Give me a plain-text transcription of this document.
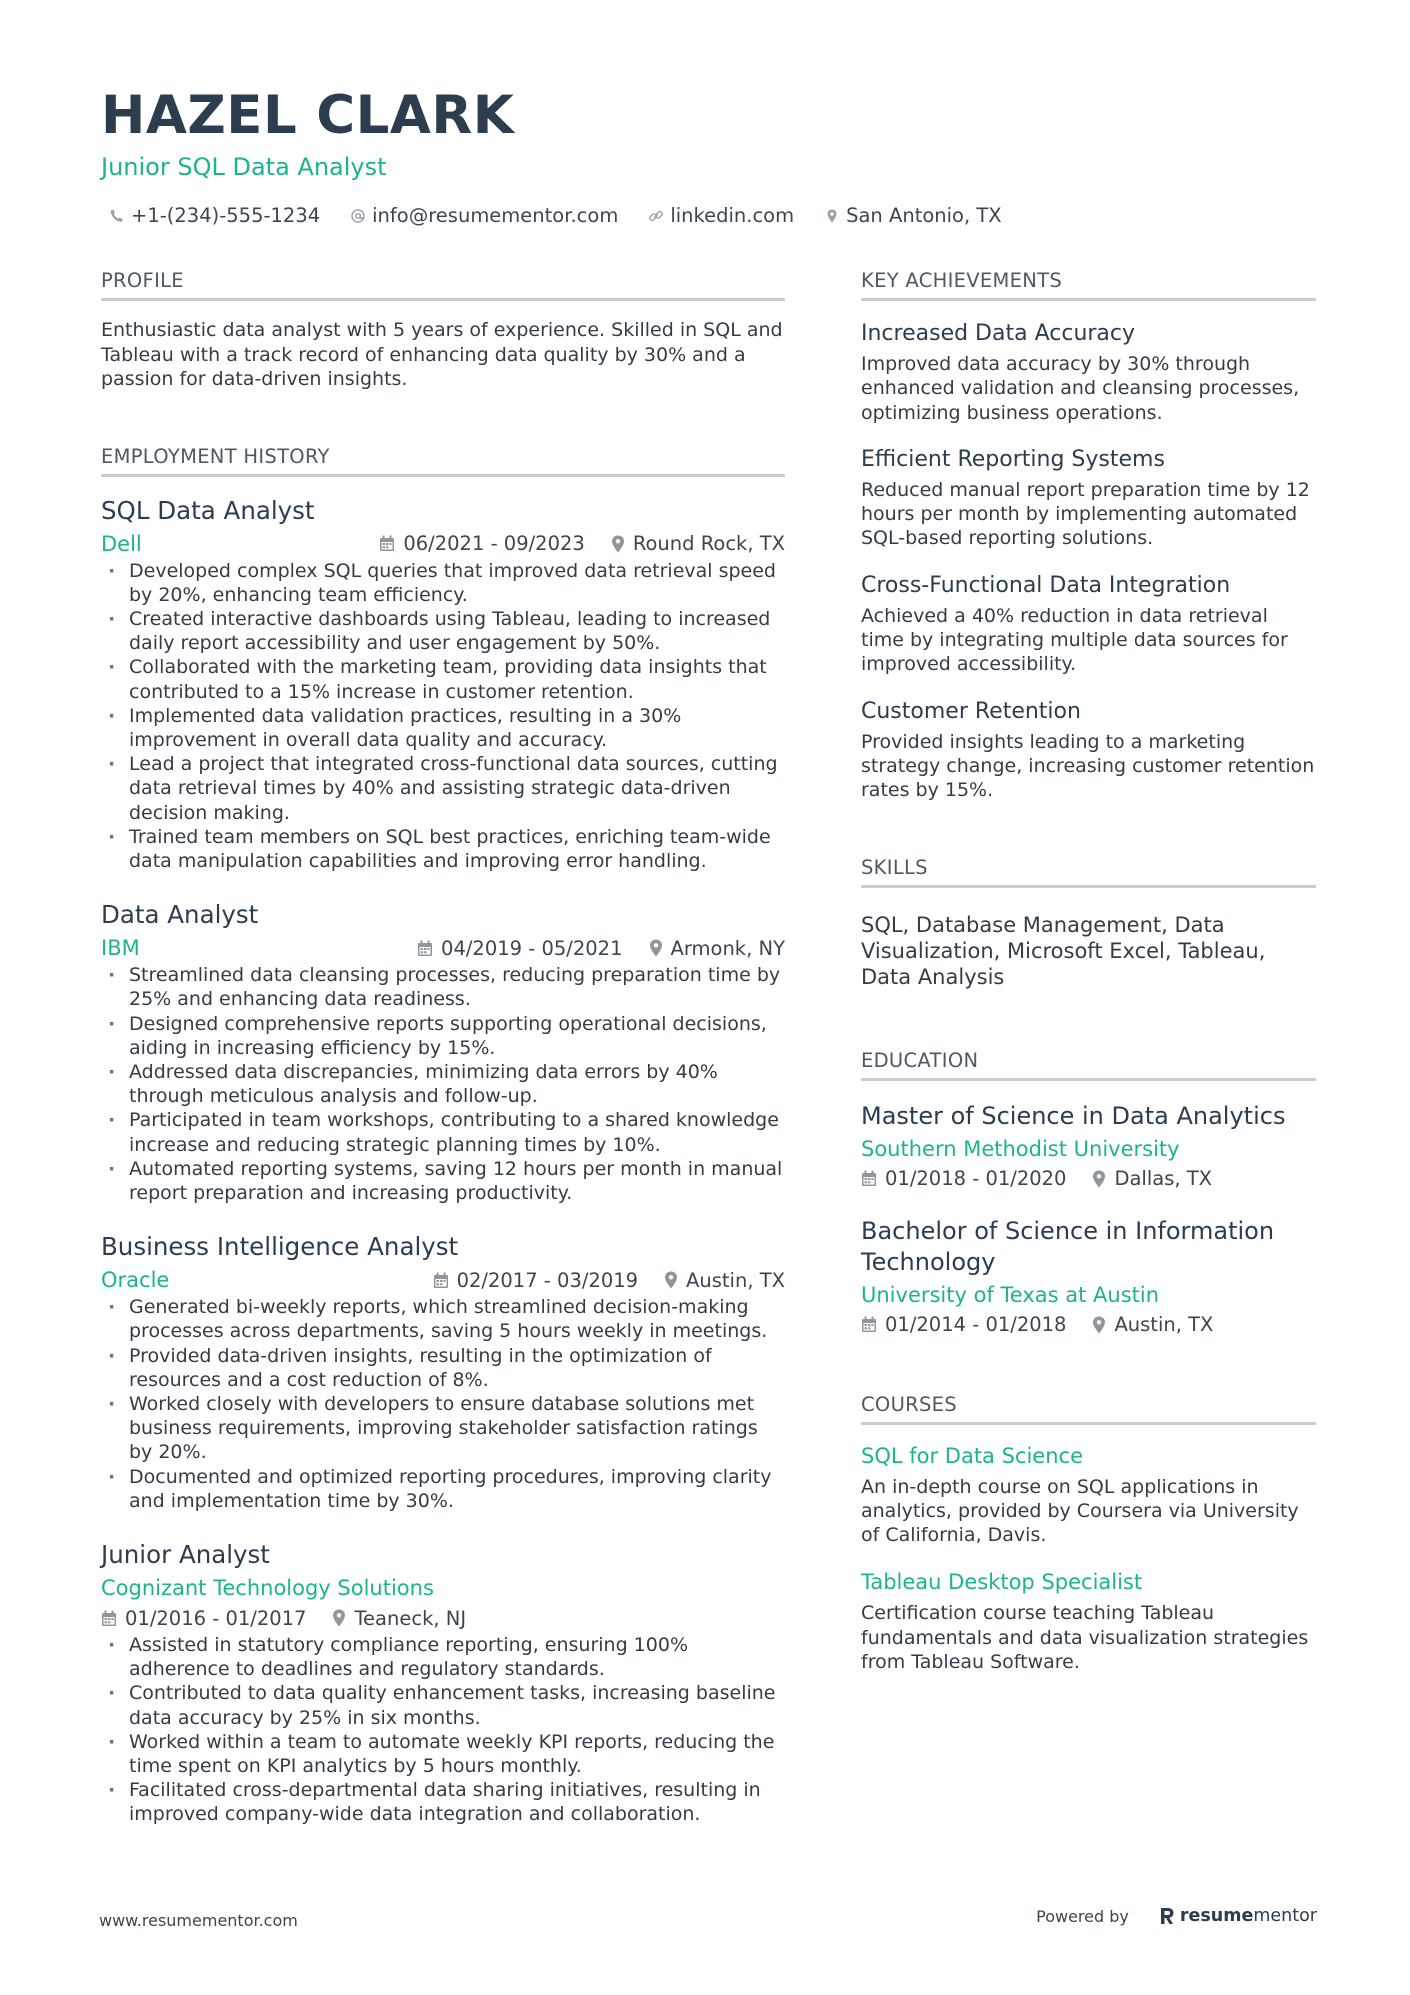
HAZEL CLARK
Junior SQL Data Analyst
+1-(234)-555-1234	info@resumementor.com	linkedin.com	San Antonio, TX
PROFILE
Enthusiastic data analyst with 5 years of experience. Skilled in SQL and Tableau with a track record of enhancing data quality by 30% and a passion for data-driven insights.
EMPLOYMENT HISTORY
SQL Data Analyst
Dell	06/2021 - 09/2023 Round Rock, TX
· Developed complex SQL queries that improved data retrieval speed by 20%, enhancing team efficiency.
· Created interactive dashboards using Tableau, leading to increased daily report accessibility and user engagement by 50%.
· Collaborated with the marketing team, providing data insights that contributed to a 15% increase in customer retention.
· Implemented data validation practices, resulting in a 30% improvement in overall data quality and accuracy.
· Lead a project that integrated cross-functional data sources, cutting data retrieval times by 40% and assisting strategic data-driven decision making.
· Trained team members on SQL best practices, enriching team-wide data manipulation capabilities and improving error handling.
Data Analyst
IBM	04/2019 - 05/2021 Armonk, NY
· Streamlined data cleansing processes, reducing preparation time by 25% and enhancing data readiness.
· Designed comprehensive reports supporting operational decisions, aiding in increasing efficiency by 15%.
· Addressed data discrepancies, minimizing data errors by 40% through meticulous analysis and follow-up.
· Participated in team workshops, contributing to a shared knowledge increase and reducing strategic planning times by 10%.
· Automated reporting systems, saving 12 hours per month in manual report preparation and increasing productivity.
Business Intelligence Analyst
Oracle	02/2017 - 03/2019 Austin, TX
· Generated bi-weekly reports, which streamlined decision-making processes across departments, saving 5 hours weekly in meetings.
· Provided data-driven insights, resulting in the optimization of resources and a cost reduction of 8%.
· Worked closely with developers to ensure database solutions met business requirements, improving stakeholder satisfaction ratings by 20%.
· Documented and optimized reporting procedures, improving clarity and implementation time by 30%.
Junior Analyst
Cognizant Technology Solutions
01/2016 - 01/2017 Teaneck, NJ
· Assisted in statutory compliance reporting, ensuring 100% adherence to deadlines and regulatory standards.
· Contributed to data quality enhancement tasks, increasing baseline data accuracy by 25% in six months.
· Worked within a team to automate weekly KPI reports, reducing the time spent on KPI analytics by 5 hours monthly.
· Facilitated cross-departmental data sharing initiatives, resulting in improved company-wide data integration and collaboration.
KEY ACHIEVEMENTS
Increased Data Accuracy
Improved data accuracy by 30% through enhanced validation and cleansing processes, optimizing business operations.
Efficient Reporting Systems
Reduced manual report preparation time by 12 hours per month by implementing automated SQL-based reporting solutions.
Cross-Functional Data Integration
Achieved a 40% reduction in data retrieval time by integrating multiple data sources for improved accessibility.
Customer Retention
Provided insights leading to a marketing strategy change, increasing customer retention rates by 15%.
SKILLS
SQL, Database Management, Data Visualization, Microsoft Excel, Tableau, Data Analysis
EDUCATION
Master of Science in Data Analytics
Southern Methodist University
01/2018 - 01/2020 Dallas, TX
Bachelor of Science in Information Technology
University of Texas at Austin
01/2014 - 01/2018 Austin, TX
COURSES
SQL for Data Science
An in-depth course on SQL applications in analytics, provided by Coursera via University of California, Davis.
Tableau Desktop Specialist
Certification course teaching Tableau fundamentals and data visualization strategies from Tableau Software.
www.resumementor.com	Powered by	resume mentor
